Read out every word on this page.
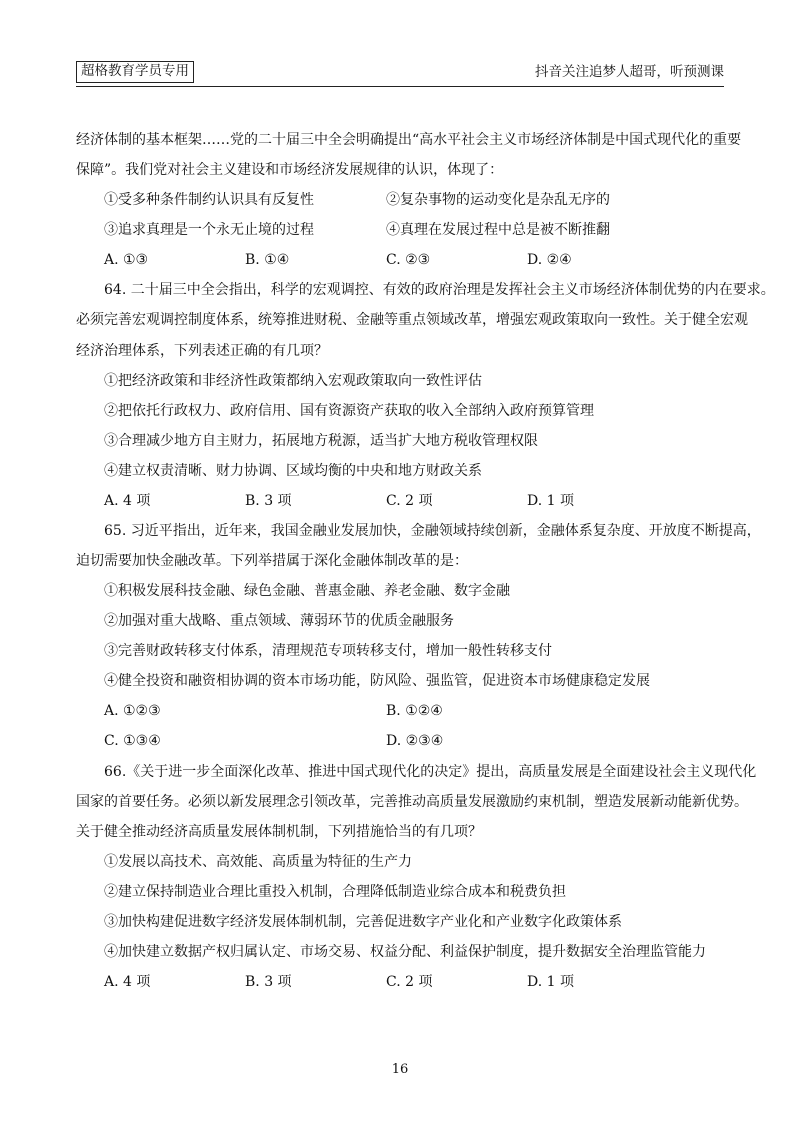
超格教育学员专用	抖音关注追梦人超哥，听预测课
经济体制的基本框架……党的二十届三中全会明确提出“高水平社会主义市场经济体制是中国式现代化的重要
保障”。我们党对社会主义建设和市场经济发展规律的认识，体现了：
①受多种条件制约认识具有反复性	②复杂事物的运动变化是杂乱无序的
③追求真理是一个永无止境的过程	④真理在发展过程中总是被不断推翻
A. ①③	B. ①④	C. ②③	D. ②④
64. 二十届三中全会指出，科学的宏观调控、有效的政府治理是发挥社会主义市场经济体制优势的内在要求。
必须完善宏观调控制度体系，统筹推进财税、金融等重点领域改革，增强宏观政策取向一致性。关于健全宏观
经济治理体系，下列表述正确的有几项？
①把经济政策和非经济性政策都纳入宏观政策取向一致性评估
②把依托行政权力、政府信用、国有资源资产获取的收入全部纳入政府预算管理
③合理减少地方自主财力，拓展地方税源，适当扩大地方税收管理权限
④建立权责清晰、财力协调、区域均衡的中央和地方财政关系
A. 4 项	B. 3 项	C. 2 项	D. 1 项
65. 习近平指出，近年来，我国金融业发展加快，金融领域持续创新，金融体系复杂度、开放度不断提高，
迫切需要加快金融改革。下列举措属于深化金融体制改革的是：
①积极发展科技金融、绿色金融、普惠金融、养老金融、数字金融
②加强对重大战略、重点领域、薄弱环节的优质金融服务
③完善财政转移支付体系，清理规范专项转移支付，增加一般性转移支付
④健全投资和融资相协调的资本市场功能，防风险、强监管，促进资本市场健康稳定发展
A. ①②③	B. ①②④
C. ①③④	D. ②③④
66.《关于进一步全面深化改革、推进中国式现代化的决定》提出，高质量发展是全面建设社会主义现代化
国家的首要任务。必须以新发展理念引领改革，完善推动高质量发展激励约束机制，塑造发展新动能新优势。
关于健全推动经济高质量发展体制机制，下列措施恰当的有几项？
①发展以高技术、高效能、高质量为特征的生产力
②建立保持制造业合理比重投入机制，合理降低制造业综合成本和税费负担
③加快构建促进数字经济发展体制机制，完善促进数字产业化和产业数字化政策体系
④加快建立数据产权归属认定、市场交易、权益分配、利益保护制度，提升数据安全治理监管能力
A. 4 项	B. 3 项	C. 2 项	D. 1 项
16
